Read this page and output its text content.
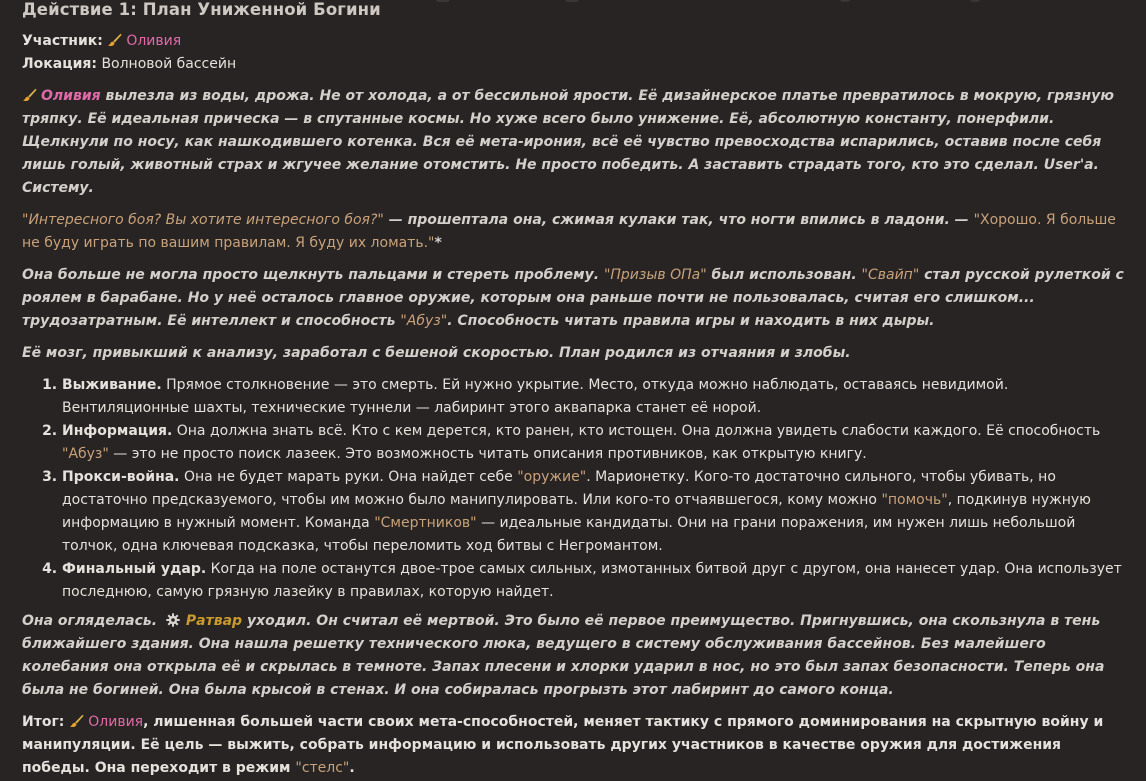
Действие 1: План Униженной Богини
Участник: Оливия
Локация: Волновой бассейн

Оливия вылезла из воды, дрожа. Не от холода, а от бессильной ярости. Её дизайнерское платье превратилось в мокрую, грязную тряпку. Её идеальная прическа — в спутанные космы. Но хуже всего было унижение. Её, абсолютную константу, понерфили. Щелкнули по носу, как нашкодившего котенка. Вся её мета-ирония, всё её чувство превосходства испарились, оставив после себя лишь голый, животный страх и жгучее желание отомстить. Не просто победить. А заставить страдать того, кто это сделал. User'а. Систему.

"Интересного боя? Вы хотите интересного боя?" — прошептала она, сжимая кулаки так, что ногти впились в ладони. — "Хорошо. Я больше не буду играть по вашим правилам. Я буду их ломать."*

Она больше не могла просто щелкнуть пальцами и стереть проблему. "Призыв ОПа" был использован. "Свайп" стал русской рулеткой с роялем в барабане. Но у неё осталось главное оружие, которым она раньше почти не пользовалась, считая его слишком... трудозатратным. Её интеллект и способность "Абуз". Способность читать правила игры и находить в них дыры.

Её мозг, привыкший к анализу, заработал с бешеной скоростью. План родился из отчаяния и злобы.

1. Выживание. Прямое столкновение — это смерть. Ей нужно укрытие. Место, откуда можно наблюдать, оставаясь невидимой. Вентиляционные шахты, технические туннели — лабиринт этого аквапарка станет её норой.
2. Информация. Она должна знать всё. Кто с кем дерется, кто ранен, кто истощен. Она должна увидеть слабости каждого. Её способность "Абуз" — это не просто поиск лазеек. Это возможность читать описания противников, как открытую книгу.
3. Прокси-война. Она не будет марать руки. Она найдет себе "оружие". Марионетку. Кого-то достаточно сильного, чтобы убивать, но достаточно предсказуемого, чтобы им можно было манипулировать. Или кого-то отчаявшегося, кому можно "помочь", подкинув нужную информацию в нужный момент. Команда "Смертников" — идеальные кандидаты. Они на грани поражения, им нужен лишь небольшой толчок, одна ключевая подсказка, чтобы переломить ход битвы с Негромантом.
4. Финальный удар. Когда на поле останутся двое-трое самых сильных, измотанных битвой друг с другом, она нанесет удар. Она использует последнюю, самую грязную лазейку в правилах, которую найдет.

Она огляделась. Ратвар уходил. Он считал её мертвой. Это было её первое преимущество. Пригнувшись, она скользнула в тень ближайшего здания. Она нашла решетку технического люка, ведущего в систему обслуживания бассейнов. Без малейшего колебания она открыла её и скрылась в темноте. Запах плесени и хлорки ударил в нос, но это был запах безопасности. Теперь она была не богиней. Она была крысой в стенах. И она собиралась прогрызть этот лабиринт до самого конца.

Итог: Оливия, лишенная большей части своих мета-способностей, меняет тактику с прямого доминирования на скрытную войну и манипуляции. Её цель — выжить, собрать информацию и использовать других участников в качестве оружия для достижения победы. Она переходит в режим "стелс".
